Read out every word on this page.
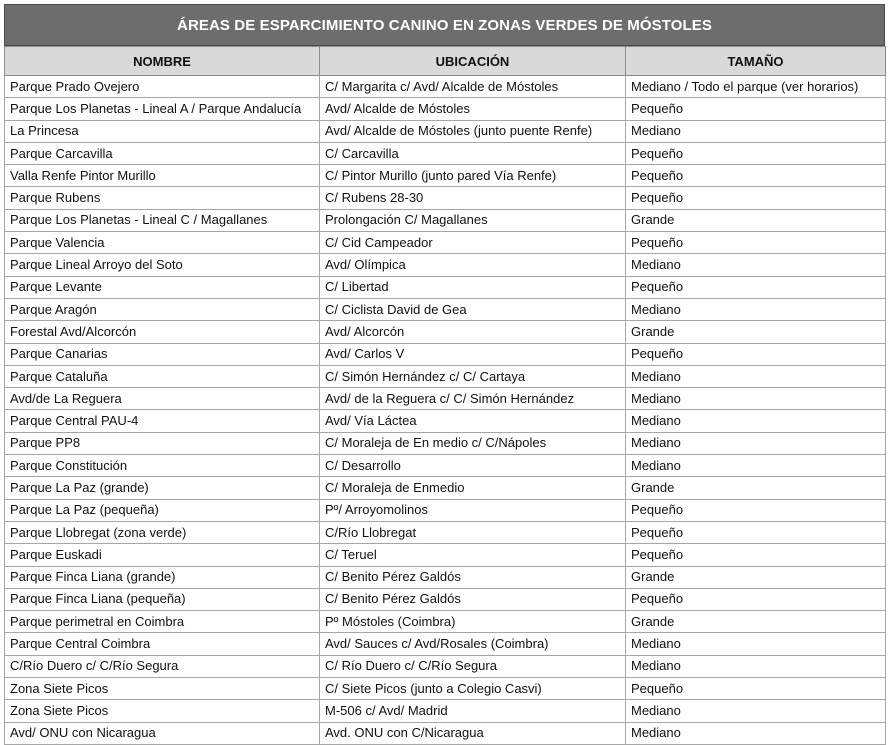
ÁREAS DE ESPARCIMIENTO CANINO EN ZONAS VERDES DE MÓSTOLES
NOMBRE	UBICACIÓN	TAMAÑO
Parque Prado Ovejero	C/ Margarita c/ Avd/ Alcalde de Móstoles	Mediano / Todo el parque (ver horarios)
Parque Los Planetas - Lineal A / Parque Andalucía	Avd/ Alcalde de Móstoles	Pequeño
La Princesa	Avd/ Alcalde de Móstoles (junto puente Renfe)	Mediano
Parque Carcavilla	C/ Carcavilla	Pequeño
Valla Renfe Pintor Murillo	C/ Pintor Murillo (junto pared Vía Renfe)	Pequeño
Parque Rubens	C/ Rubens 28-30	Pequeño
Parque Los Planetas - Lineal C / Magallanes	Prolongación C/ Magallanes	Grande
Parque Valencia	C/ Cid Campeador	Pequeño
Parque Lineal Arroyo del Soto	Avd/ Olímpica	Mediano
Parque Levante	C/ Libertad	Pequeño
Parque Aragón	C/ Ciclista David de Gea	Mediano
Forestal Avd/Alcorcón	Avd/ Alcorcón	Grande
Parque Canarias	Avd/ Carlos V	Pequeño
Parque Cataluña	C/ Simón Hernández c/ C/ Cartaya	Mediano
Avd/de La Reguera	Avd/ de la Reguera c/ C/ Simón Hernández	Mediano
Parque Central PAU-4	Avd/ Vía Láctea	Mediano
Parque PP8	C/ Moraleja de En medio c/ C/Nápoles	Mediano
Parque Constitución	C/ Desarrollo	Mediano
Parque La Paz (grande)	C/ Moraleja de Enmedio	Grande
Parque La Paz (pequeña)	Pº/ Arroyomolinos	Pequeño
Parque Llobregat (zona verde)	C/Río Llobregat	Pequeño
Parque Euskadi	C/ Teruel	Pequeño
Parque Finca Liana (grande)	C/ Benito Pérez Galdós	Grande
Parque Finca Liana (pequeña)	C/ Benito Pérez Galdós	Pequeño
Parque perimetral en Coimbra	Pº Móstoles (Coimbra)	Grande
Parque Central Coimbra	Avd/ Sauces c/ Avd/Rosales (Coimbra)	Mediano
C/Río Duero c/ C/Río Segura	C/ Río Duero c/ C/Río Segura	Mediano
Zona Siete Picos	C/ Siete Picos (junto a Colegio Casvi)	Pequeño
Zona Siete Picos	M-506 c/ Avd/ Madrid	Mediano
Avd/ ONU con Nicaragua	Avd. ONU con C/Nicaragua	Mediano
